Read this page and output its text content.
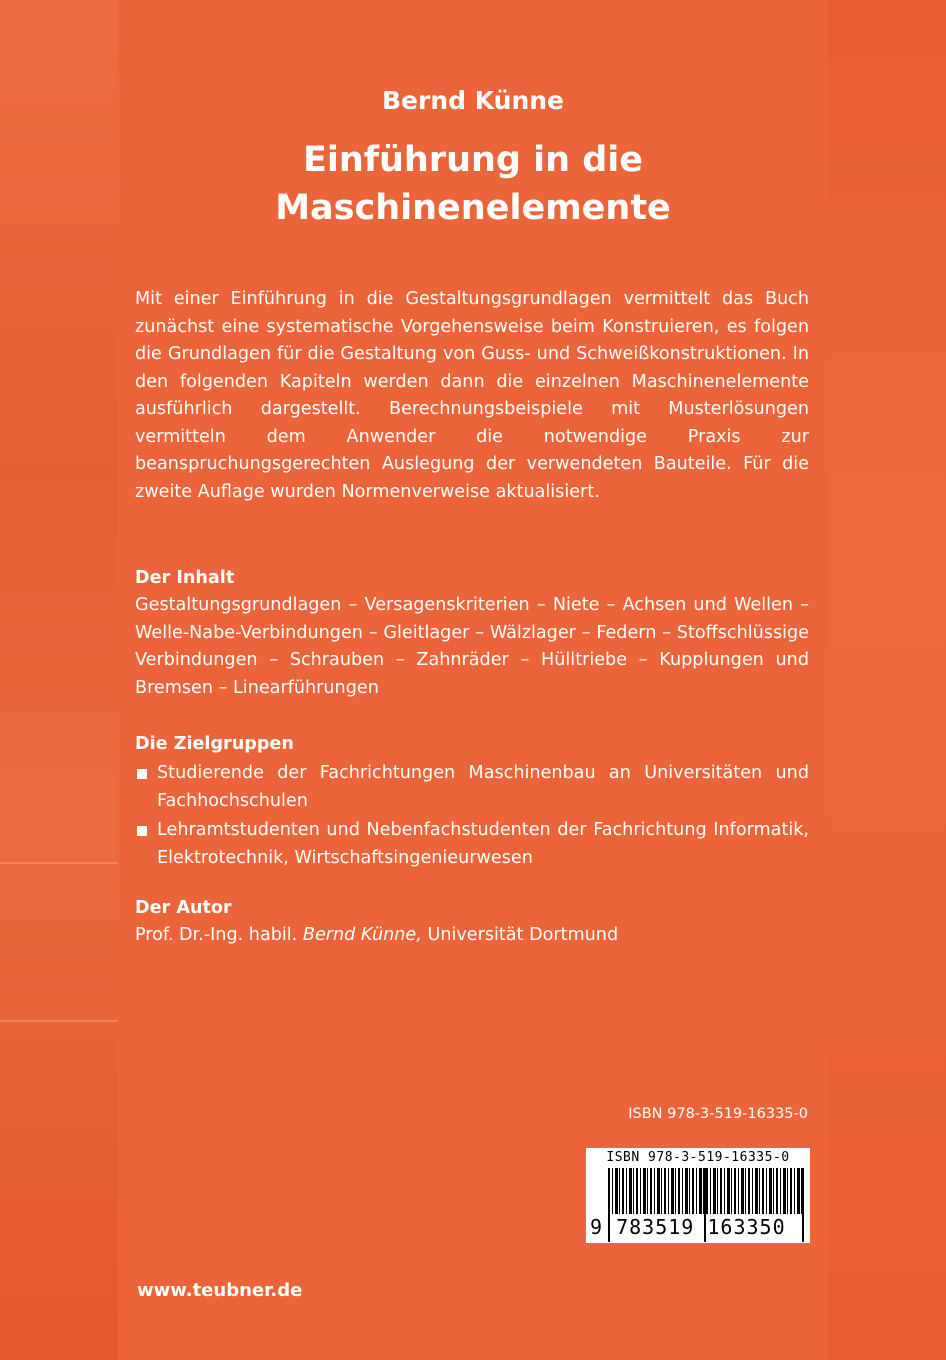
Bernd Künne
Einführung in die
Maschinenelemente
Mit einer Einführung in die Gestaltungsgrundlagen vermittelt das Buch zunächst eine systematische Vorgehensweise beim Konstruieren, es folgen die Grundlagen für die Gestaltung von Guss- und Schweißkonstruktionen. In den folgenden Kapiteln werden dann die einzelnen Maschinenelemente ausführlich dargestellt. Berechnungsbeispiele mit Musterlösungen vermitteln dem Anwender die notwendige Praxis zur beanspruchungsgerechten Auslegung der verwendeten Bauteile. Für die zweite Auflage wurden Normenverweise aktualisiert.
Der Inhalt
Gestaltungsgrundlagen – Versagenskriterien – Niete – Achsen und Wellen – Welle-Nabe-Verbindungen – Gleitlager – Wälzlager – Federn – Stoffschlüssige Verbindungen – Schrauben – Zahnräder – Hülltriebe – Kupplungen und Bremsen – Linearführungen
Die Zielgruppen
Studierende der Fachrichtungen Maschinenbau an Universitäten und Fachhochschulen
Lehramtstudenten und Nebenfachstudenten der Fachrichtung Informatik, Elektrotechnik, Wirtschaftsingenieurwesen
Der Autor
Prof. Dr.-Ing. habil. Bernd Künne, Universität Dortmund
ISBN 978-3-519-16335-0
ISBN 978-3-519-16335-0
9 783519 163350
www.teubner.de
